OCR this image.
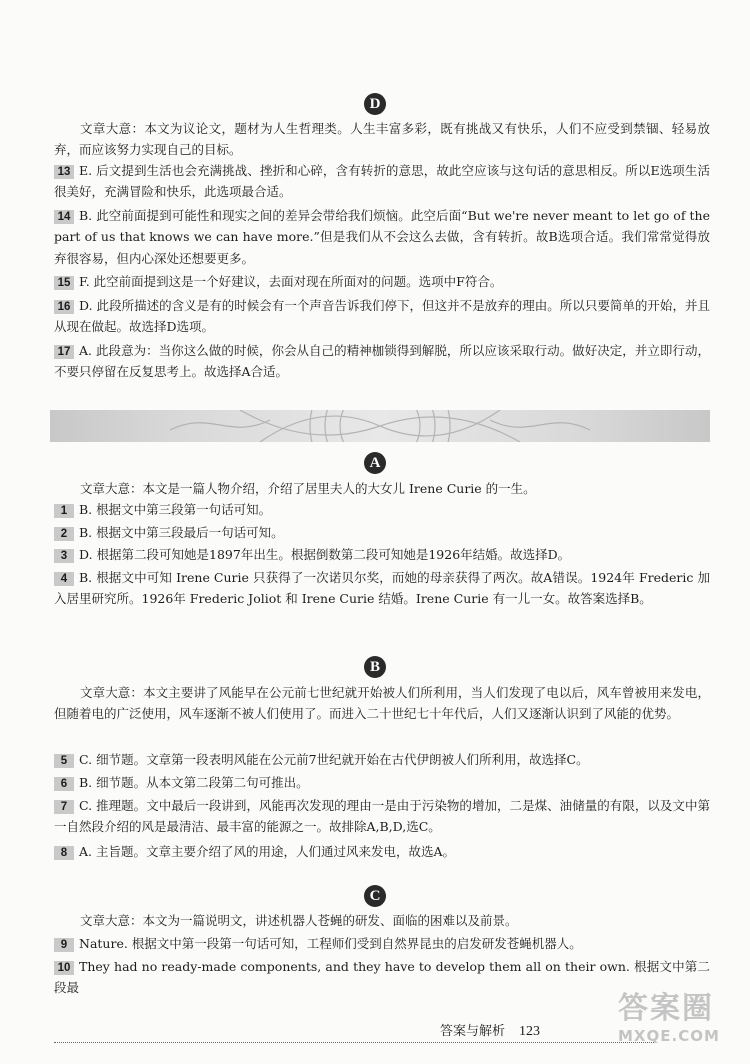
D
文章大意：本文为议论文，题材为人生哲理类。人生丰富多彩，既有挑战又有快乐，人们不应受到禁锢、轻易放弃，而应该努力实现自己的目标。
13 E. 后文提到生活也会充满挑战、挫折和心碎，含有转折的意思，故此空应该与这句话的意思相反。所以E选项生活很美好，充满冒险和快乐，此选项最合适。
14 B. 此空前面提到可能性和现实之间的差异会带给我们烦恼。此空后面“But we're never meant to let go of the part of us that knows we can have more.”但是我们从不会这么去做，含有转折。故B选项合适。我们常常觉得放弃很容易，但内心深处还想要更多。
15 F. 此空前面提到这是一个好建议，去面对现在所面对的问题。选项中F符合。
16 D. 此段所描述的含义是有的时候会有一个声音告诉我们停下，但这并不是放弃的理由。所以只要简单的开始，并且从现在做起。故选择D选项。
17 A. 此段意为：当你这么做的时候，你会从自己的精神枷锁得到解脱，所以应该采取行动。做好决定，并立即行动，不要只停留在反复思考上。故选择A合适。
A
文章大意：本文是一篇人物介绍，介绍了居里夫人的大女儿 Irene Curie 的一生。
1 B. 根据文中第三段第一句话可知。
2 B. 根据文中第三段最后一句话可知。
3 D. 根据第二段可知她是1897年出生。根据倒数第二段可知她是1926年结婚。故选择D。
4 B. 根据文中可知 Irene Curie 只获得了一次诺贝尔奖，而她的母亲获得了两次。故A错误。1924年 Frederic 加入居里研究所。1926年 Frederic Joliot 和 Irene Curie 结婚。Irene Curie 有一儿一女。故答案选择B。
B
文章大意：本文主要讲了风能早在公元前七世纪就开始被人们所利用，当人们发现了电以后，风车曾被用来发电，但随着电的广泛使用，风车逐渐不被人们使用了。而进入二十世纪七十年代后，人们又逐渐认识到了风能的优势。
5 C. 细节题。文章第一段表明风能在公元前7世纪就开始在古代伊朗被人们所利用，故选择C。
6 B. 细节题。从本文第二段第二句可推出。
7 C. 推理题。文中最后一段讲到，风能再次发现的理由一是由于污染物的增加，二是煤、油储量的有限，以及文中第一自然段介绍的风是最清洁、最丰富的能源之一。故排除A,B,D,选C。
8 A. 主旨题。文章主要介绍了风的用途，人们通过风来发电，故选A。
C
文章大意：本文为一篇说明文，讲述机器人苍蝇的研发、面临的困难以及前景。
9 Nature. 根据文中第一段第一句话可知，工程师们受到自然界昆虫的启发研发苍蝇机器人。
10 They had no ready-made components, and they have to develop them all on their own. 根据文中第二段最
答案与解析 123
答案圈
MXQE.COM
